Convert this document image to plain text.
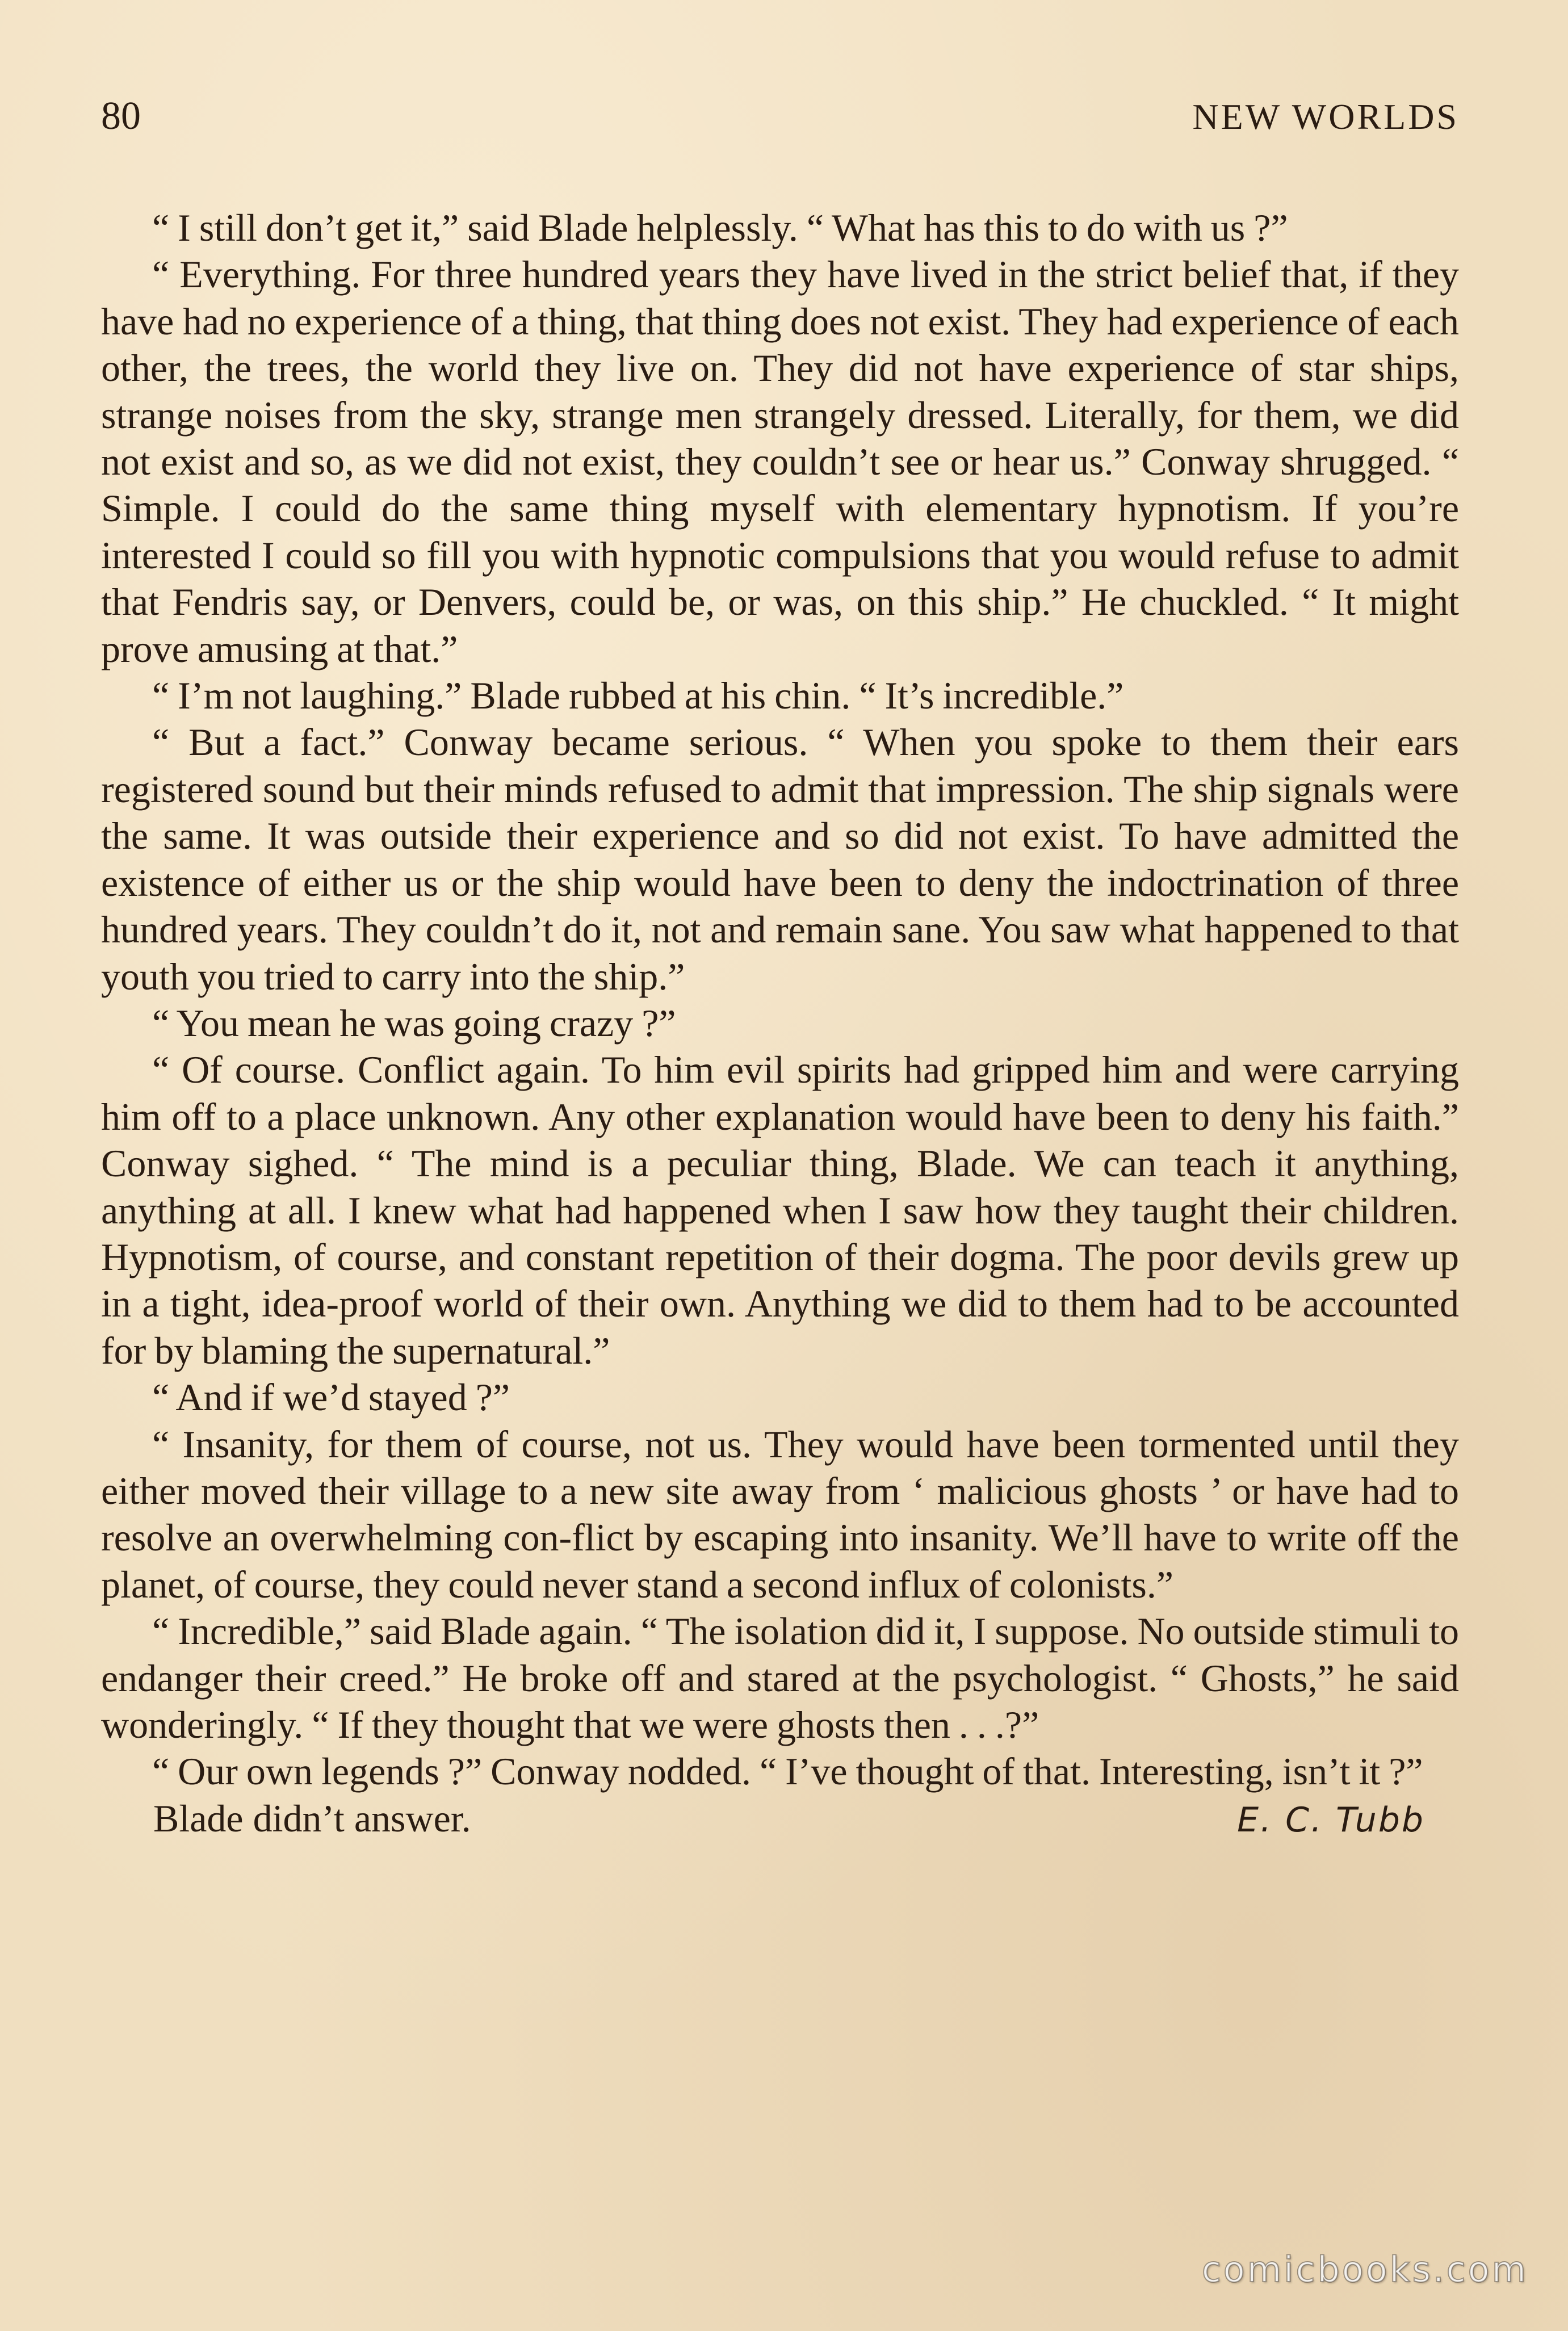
80	NEW WORLDS

“ I still don’t get it,” said Blade helplessly. “ What has this to do with us ?”

“ Everything. For three hundred years they have lived in the strict belief that, if they have had no experience of a thing, that thing does not exist. They had experience of each other, the trees, the world they live on. They did not have experience of star ships, strange noises from the sky, strange men strangely dressed. Literally, for them, we did not exist and so, as we did not exist, they couldn’t see or hear us.” Conway shrugged. “ Simple. I could do the same thing myself with elementary hypnotism. If you’re interested I could so fill you with hypnotic compulsions that you would refuse to admit that Fendris say, or Denvers, could be, or was, on this ship.” He chuckled. “ It might prove amusing at that.”

“ I’m not laughing.” Blade rubbed at his chin. “ It’s incredible.”

“ But a fact.” Conway became serious. “ When you spoke to them their ears registered sound but their minds refused to admit that impression. The ship signals were the same. It was outside their experience and so did not exist. To have admitted the existence of either us or the ship would have been to deny the indoctrination of three hundred years. They couldn’t do it, not and remain sane. You saw what happened to that youth you tried to carry into the ship.”

“ You mean he was going crazy ?”

“ Of course. Conflict again. To him evil spirits had gripped him and were carrying him off to a place unknown. Any other explanation would have been to deny his faith.” Conway sighed. “ The mind is a peculiar thing, Blade. We can teach it anything, anything at all. I knew what had happened when I saw how they taught their children. Hypnotism, of course, and constant repetition of their dogma. The poor devils grew up in a tight, idea-proof world of their own. Anything we did to them had to be accounted for by blaming the supernatural.”

“ And if we’d stayed ?”

“ Insanity, for them of course, not us. They would have been tormented until they either moved their village to a new site away from ‘ malicious ghosts ’ or have had to resolve an overwhelming con-flict by escaping into insanity. We’ll have to write off the planet, of course, they could never stand a second influx of colonists.”

“ Incredible,” said Blade again. “ The isolation did it, I suppose. No outside stimuli to endanger their creed.” He broke off and stared at the psychologist. “ Ghosts,” he said wonderingly. “ If they thought that we were ghosts then . . .?”

“ Our own legends ?” Conway nodded. “ I’ve thought of that. Interesting, isn’t it ?”

Blade didn’t answer.	E. C. Tubb
comicbooks.com
